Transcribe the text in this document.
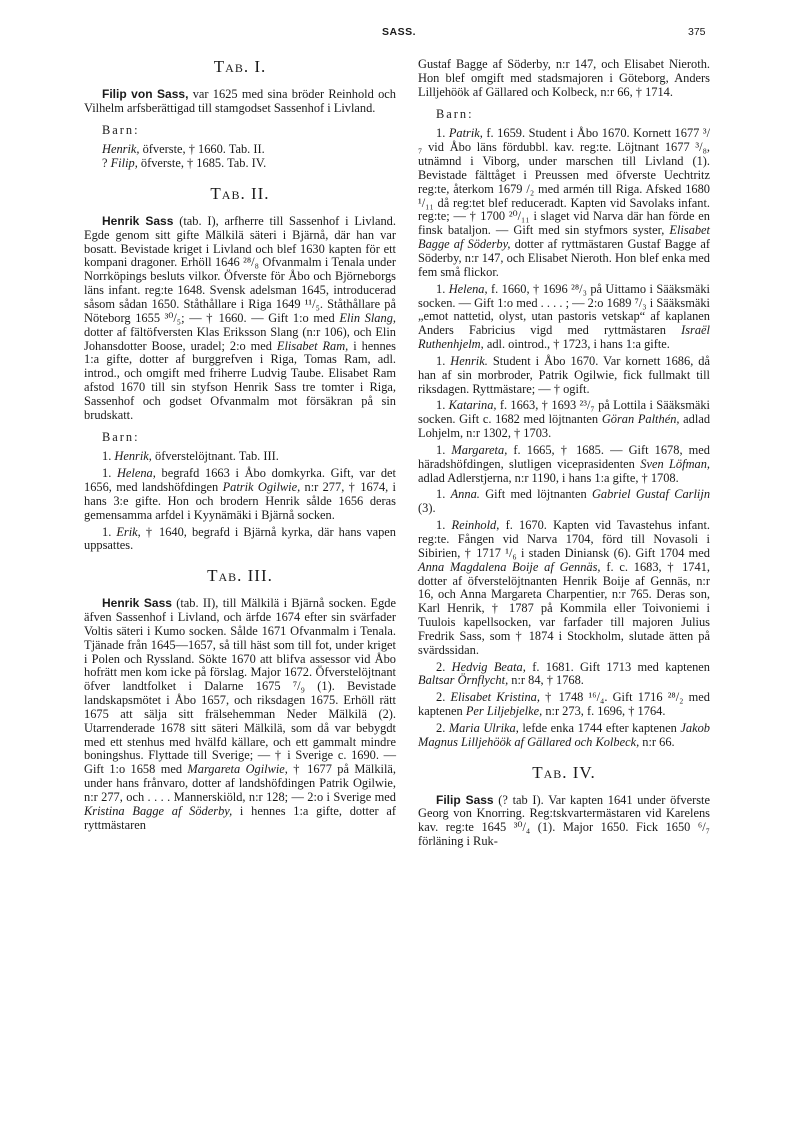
SASS.	375
Tab. I.

Filip von Sass, var 1625 med sina bröder Reinhold och Vilhelm arfsberättigad till stamgodset Sassenhof i Livland.

Barn:
Henrik, öfverste, † 1660. Tab. II.
? Filip, öfverste, † 1685. Tab. IV.
Tab. II.

Henrik Sass (tab. I), arfherre till Sassenhof i Livland. Egde genom sitt gifte Mälkilä säteri i Bjärnå, där han var bosatt. Bevistade kriget i Livland och blef 1630 kapten för ett kompani dragoner. Erhöll 1646 ²⁸/₈ Ofvanmalm i Tenala under Norrköpings besluts vilkor. Öfverste för Åbo och Björneborgs läns infant. reg:te 1648. Svensk adelsman 1645, introducerad såsom sådan 1650. Ståthållare i Riga 1649 ¹¹/₅. Ståthållare på Nöteborg 1655 ³⁰/₅; — † 1660. — Gift 1:o med Elin Slang, dotter af fältöfversten Klas Eriksson Slang (n:r 106), och Elin Johansdotter Boose, uradel; 2:o med Elisabet Ram, i hennes 1:a gifte, dotter af burggrefven i Riga, Tomas Ram, adl. introd., och omgift med friherre Ludvig Taube. Elisabet Ram afstod 1670 till sin styfson Henrik Sass tre tomter i Riga, Sassenhof och godset Ofvanmalm mot försäkran på sin brudskatt.

Barn:
1. Henrik, öfverstelöjtnant. Tab. III.

1. Helena, begrafd 1663 i Åbo domkyrka. Gift, var det 1656, med landshöfdingen Patrik Ogilwie, n:r 277, † 1674, i hans 3:e gifte. Hon och brodern Henrik sålde 1656 deras gemensamma arfdel i Kyynämäki i Bjärnå socken.

1. Erik, † 1640, begrafd i Bjärnå kyrka, där hans vapen uppsattes.

Tab. III.

Henrik Sass (tab. II), till Mälkilä i Bjärnå socken. Egde äfven Sassenhof i Livland, och ärfde 1674 efter sin svärfader Voltis säteri i Kumo socken. Sålde 1671 Ofvanmalm i Tenala. Tjänade från 1645—1657, så till häst som till fot, under kriget i Polen och Ryssland. Sökte 1670 att blifva assessor vid Åbo hofrätt men kom icke på förslag. Major 1672. Öfverstelöjtnant öfver landtfolket i Dalarne 1675 ⁷/₉ (1). Bevistade landskapsmötet i Åbo 1657, och riksdagen 1675. Erhöll rätt 1675 att sälja sitt frälsehemman Neder Mälkilä (2). Utarrenderade 1678 sitt säteri Mälkilä, som då var bebygdt med ett stenhus med hvälfd källare, och ett gammalt mindre boningshus. Flyttade till Sverige; — † i Sverige c. 1690. — Gift 1:o 1658 med Margareta Ogilwie, † 1677 på Mälkilä, under hans frånvaro, dotter af landshöfdingen Patrik Ogilwie, n:r 277, och . . . . Mannerskiöld, n:r 128; — 2:o i Sverige med Kristina Bagge af Söderby, i hennes 1:a gifte, dotter af ryttmästaren

Gustaf Bagge af Söderby, n:r 147, och Elisabet Nieroth. Hon blef omgift med stadsmajoren i Göteborg, Anders Lilljehöök af Gällared och Kolbeck, n:r 66, † 1714.

Barn:

1. Patrik, f. 1659. Student i Åbo 1670. Kornett 1677 ³/₇ vid Åbo läns fördubbl. kav. reg:te. Löjtnant 1677 ³/₈, utnämnd i Viborg, under marschen till Livland (1). Bevistade fälttåget i Preussen med öfverste Uechtritz reg:te, återkom 1679 /₂ med armén till Riga. Afsked 1680 ¹/₁₁ då reg:tet blef reduceradt. Kapten vid Savolaks infant. reg:te; — † 1700 ²⁰/₁₁ i slaget vid Narva där han förde en finsk bataljon. — Gift med sin styfmors syster, Elisabet Bagge af Söderby, dotter af ryttmästaren Gustaf Bagge af Söderby, n:r 147, och Elisabet Nieroth. Hon blef enka med fem små flickor.

1. Helena, f. 1660, † 1696 ²⁸/₃ på Uittamo i Sääksmäki socken. — Gift 1:o med . . . . ; — 2:o 1689 ⁷/₃ i Sääksmäki „emot nattetid, olyst, utan pastoris vetskap“ af kaplanen Anders Fabricius vigd med ryttmästaren Israël Ruthenhjelm, adl. ointrod., † 1723, i hans 1:a gifte.

1. Henrik. Student i Åbo 1670. Var kornett 1686, då han af sin morbroder, Patrik Ogilwie, fick fullmakt till riksdagen. Ryttmästare; — † ogift.

1. Katarina, f. 1663, † 1693 ²³/₇ på Lottila i Sääksmäki socken. Gift c. 1682 med löjtnanten Göran Palthén, adlad Lohjelm, n:r 1302, † 1703.

1. Margareta, f. 1665, † 1685. — Gift 1678, med häradshöfdingen, slutligen viceprasidenten Sven Löfman, adlad Adlerstjerna, n:r 1190, i hans 1:a gifte, † 1708.

1. Anna. Gift med löjtnanten Gabriel Gustaf Carlijn (3).

1. Reinhold, f. 1670. Kapten vid Tavastehus infant. reg:te. Fången vid Narva 1704, förd till Novasoli i Sibirien, † 1717 ¹/₆ i staden Diniansk (6). Gift 1704 med Anna Magdalena Boije af Gennäs, f. c. 1683, † 1741, dotter af öfverstelöjtnanten Henrik Boije af Gennäs, n:r 16, och Anna Margareta Charpentier, n:r 765. Deras son, Karl Henrik, † 1787 på Kommila eller Toivoniemi i Tuulois kapellsocken, var farfader till majoren Julius Fredrik Sass, som † 1874 i Stockholm, slutade ätten på svärdssidan.

2. Hedvig Beata, f. 1681. Gift 1713 med kaptenen Baltsar Örnflycht, n:r 84, † 1768.

2. Elisabet Kristina, † 1748 ¹⁶/₄. Gift 1716 ²⁸/₂ med kaptenen Per Liljebjelke, n:r 273, f. 1696, † 1764.

2. Maria Ulrika, lefde enka 1744 efter kaptenen Jakob Magnus Lilljehöök af Gällared och Kolbeck, n:r 66.

Tab. IV.

Filip Sass (? tab I). Var kapten 1641 under öfverste Georg von Knorring. Reg:tskvartermästaren vid Karelens kav. reg:te 1645 ³⁰/₄ (1). Major 1650. Fick 1650 ⁶/₇ förläning i Ruk-
